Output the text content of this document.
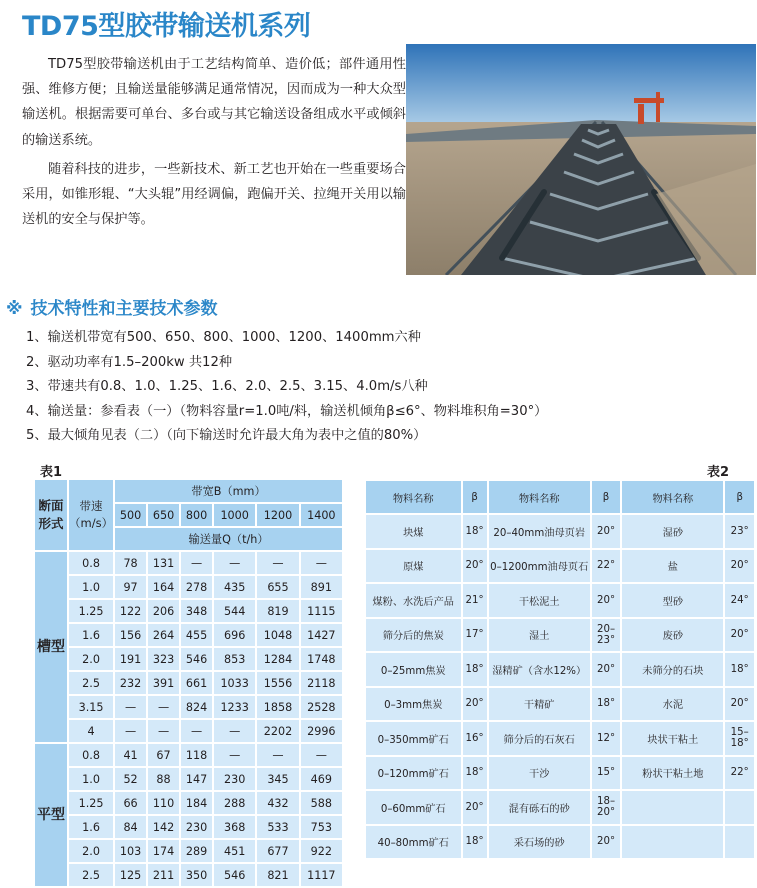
TD75型胶带输送机系列

TD75型胶带输送机由于工艺结构简单、造价低；部件通用性强、维修方便；且输送量能够满足通常情况，因而成为一种大众型输送机。根据需要可单台、多台或与其它输送设备组成水平或倾斜的输送系统。

随着科技的进步，一些新技术、新工艺也开始在一些重要场合采用，如锥形辊、“大头辊”用经调偏，跑偏开关、拉绳开关用以输送机的安全与保护等。

※ 技术特性和主要技术参数
1、输送机带宽有500、650、800、1000、1200、1400mm六种
2、驱动功率有1.5–200kw 共12种
3、带速共有0.8、1.0、1.25、1.6、2.0、2.5、3.15、4.0m/s八种
4、输送量：参看表（一）（物料容量r=1.0吨/料，输送机倾角β≤6°、物料堆积角=30°）
5、最大倾角见表（二）（向下输送时允许最大角为表中之值的80%）
表1	表2
断面形式	带速（m/s）	带宽B（mm）					
		500	650	800	1000	1200	1400
		输送量Q（t/h）					
槽型	0.8	78	131	—	—	—	—
	1.0	97	164	278	435	655	891
	1.25	122	206	348	544	819	1115
	1.6	156	264	455	696	1048	1427
	2.0	191	323	546	853	1284	1748
	2.5	232	391	661	1033	1556	2118
	3.15	—	—	824	1233	1858	2528
	4	—	—	—	—	2202	2996
平型	0.8	41	67	118	—	—	—
	1.0	52	88	147	230	345	469
	1.25	66	110	184	288	432	588
	1.6	84	142	230	368	533	753
	2.0	103	174	289	451	677	922
	2.5	125	211	350	546	821	1117
物料名称	β	物料名称	β	物料名称	β
块煤	18°	20–40mm油母页岩	20°	湿砂	23°
原煤	20°	0–1200mm油母页石	22°	盐	20°
煤粉、水洗后产品	21°	干松泥土	20°	型砂	24°
筛分后的焦炭	17°	湿土	20–23°	废砂	20°
0–25mm焦炭	18°	湿精矿（含水12%）	20°	未筛分的石块	18°
0–3mm焦炭	20°	干精矿	18°	水泥	20°
0–350mm矿石	16°	筛分后的石灰石	12°	块状干粘土	15–18°
0–120mm矿石	18°	干沙	15°	粉状干粘土地	22°
0–60mm矿石	20°	混有砾石的砂	18–20°		
40–80mm矿石	18°	采石场的砂	20°		
